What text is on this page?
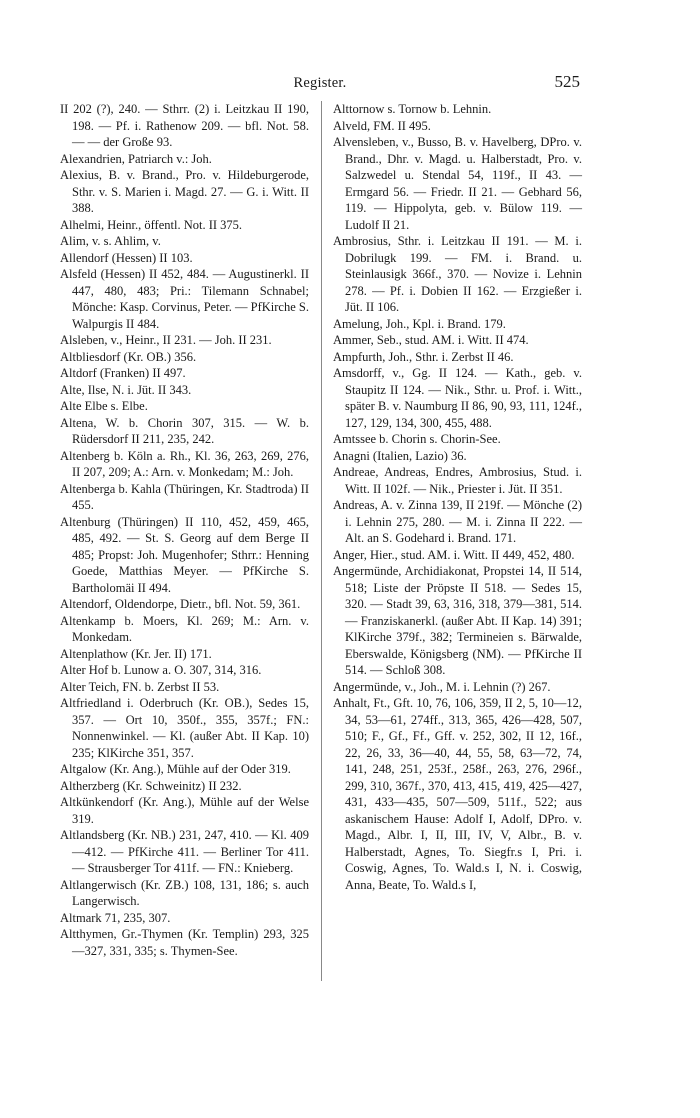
Register.	525

II 202 (?), 240. — Sthrr. (2) i. Leitzkau II 190, 198. — Pf. i. Rathenow 209. — bfl. Not. 58. — — der Große 93.

Alexandrien, Patriarch v.: Joh.

Alexius, B. v. Brand., Pro. v. Hildeburgerode, Sthr. v. S. Marien i. Magd. 27. — G. i. Witt. II 388.

Alhelmi, Heinr., öffentl. Not. II 375.

Alim, v. s. Ahlim, v.

Allendorf (Hessen) II 103.

Alsfeld (Hessen) II 452, 484. — Augustinerkl. II 447, 480, 483; Pri.: Tilemann Schnabel; Mönche: Kasp. Corvinus, Peter. — PfKirche S. Walpurgis II 484.

Alsleben, v., Heinr., II 231. — Joh. II 231.

Altbliesdorf (Kr. OB.) 356.

Altdorf (Franken) II 497.

Alte, Ilse, N. i. Jüt. II 343.

Alte Elbe s. Elbe.

Altena, W. b. Chorin 307, 315. — W. b. Rüdersdorf II 211, 235, 242.

Altenberg b. Köln a. Rh., Kl. 36, 263, 269, 276, II 207, 209; A.: Arn. v. Monkedam; M.: Joh.

Altenberga b. Kahla (Thüringen, Kr. Stadtroda) II 455.

Altenburg (Thüringen) II 110, 452, 459, 465, 485, 492. — St. S. Georg auf dem Berge II 485; Propst: Joh. Mugenhofer; Sthrr.: Henning Goede, Matthias Meyer. — PfKirche S. Bartholomäi II 494.

Altendorf, Oldendorpe, Dietr., bfl. Not. 59, 361.

Altenkamp b. Moers, Kl. 269; M.: Arn. v. Monkedam.

Altenplathow (Kr. Jer. II) 171.

Alter Hof b. Lunow a. O. 307, 314, 316.

Alter Teich, FN. b. Zerbst II 53.

Altfriedland i. Oderbruch (Kr. OB.), Sedes 15, 357. — Ort 10, 350f., 355, 357f.; FN.: Nonnenwinkel. — Kl. (außer Abt. II Kap. 10) 235; KlKirche 351, 357.

Altgalow (Kr. Ang.), Mühle auf der Oder 319.

Altherzberg (Kr. Schweinitz) II 232.

Altkünkendorf (Kr. Ang.), Mühle auf der Welse 319.

Altlandsberg (Kr. NB.) 231, 247, 410. — Kl. 409—412. — PfKirche 411. — Berliner Tor 411. — Strausberger Tor 411f. — FN.: Knieberg.

Altlangerwisch (Kr. ZB.) 108, 131, 186; s. auch Langerwisch.

Altmark 71, 235, 307.

Altthymen, Gr.-Thymen (Kr. Templin) 293, 325—327, 331, 335; s. Thymen-See.

Alttornow s. Tornow b. Lehnin.

Alveld, FM. II 495.

Alvensleben, v., Busso, B. v. Havelberg, DPro. v. Brand., Dhr. v. Magd. u. Halberstadt, Pro. v. Salzwedel u. Stendal 54, 119f., II 43. — Ermgard 56. — Friedr. II 21. — Gebhard 56, 119. — Hippolyta, geb. v. Bülow 119. — Ludolf II 21.

Ambrosius, Sthr. i. Leitzkau II 191. — M. i. Dobrilugk 199. — FM. i. Brand. u. Steinlausigk 366f., 370. — Novize i. Lehnin 278. — Pf. i. Dobien II 162. — Erzgießer i. Jüt. II 106.

Amelung, Joh., Kpl. i. Brand. 179.

Ammer, Seb., stud. AM. i. Witt. II 474.

Ampfurth, Joh., Sthr. i. Zerbst II 46.

Amsdorff, v., Gg. II 124. — Kath., geb. v. Staupitz II 124. — Nik., Sthr. u. Prof. i. Witt., später B. v. Naumburg II 86, 90, 93, 111, 124f., 127, 129, 134, 300, 455, 488.

Amtssee b. Chorin s. Chorin-See.

Anagni (Italien, Lazio) 36.

Andreae, Andreas, Endres, Ambrosius, Stud. i. Witt. II 102f. — Nik., Priester i. Jüt. II 351.

Andreas, A. v. Zinna 139, II 219f. — Mönche (2) i. Lehnin 275, 280. — M. i. Zinna II 222. — Alt. an S. Godehard i. Brand. 171.

Anger, Hier., stud. AM. i. Witt. II 449, 452, 480.

Angermünde, Archidiakonat, Propstei 14, II 514, 518; Liste der Pröpste II 518. — Sedes 15, 320. — Stadt 39, 63, 316, 318, 379—381, 514. — Franziskanerkl. (außer Abt. II Kap. 14) 391; KlKirche 379f., 382; Termineien s. Bärwalde, Eberswalde, Königsberg (NM). — PfKirche II 514. — Schloß 308.

Angermünde, v., Joh., M. i. Lehnin (?) 267.

Anhalt, Ft., Gft. 10, 76, 106, 359, II 2, 5, 10—12, 34, 53—61, 274ff., 313, 365, 426—428, 507, 510; F., Gf., Ff., Gff. v. 252, 302, II 12, 16f., 22, 26, 33, 36—40, 44, 55, 58, 63—72, 74, 141, 248, 251, 253f., 258f., 263, 276, 296f., 299, 310, 367f., 370, 413, 415, 419, 425—427, 431, 433—435, 507—509, 511f., 522; aus askanischem Hause: Adolf I, Adolf, DPro. v. Magd., Albr. I, II, III, IV, V, Albr., B. v. Halberstadt, Agnes, To. Siegfr.s I, Pri. i. Coswig, Agnes, To. Wald.s I, N. i. Coswig, Anna, Beate, To. Wald.s I,
